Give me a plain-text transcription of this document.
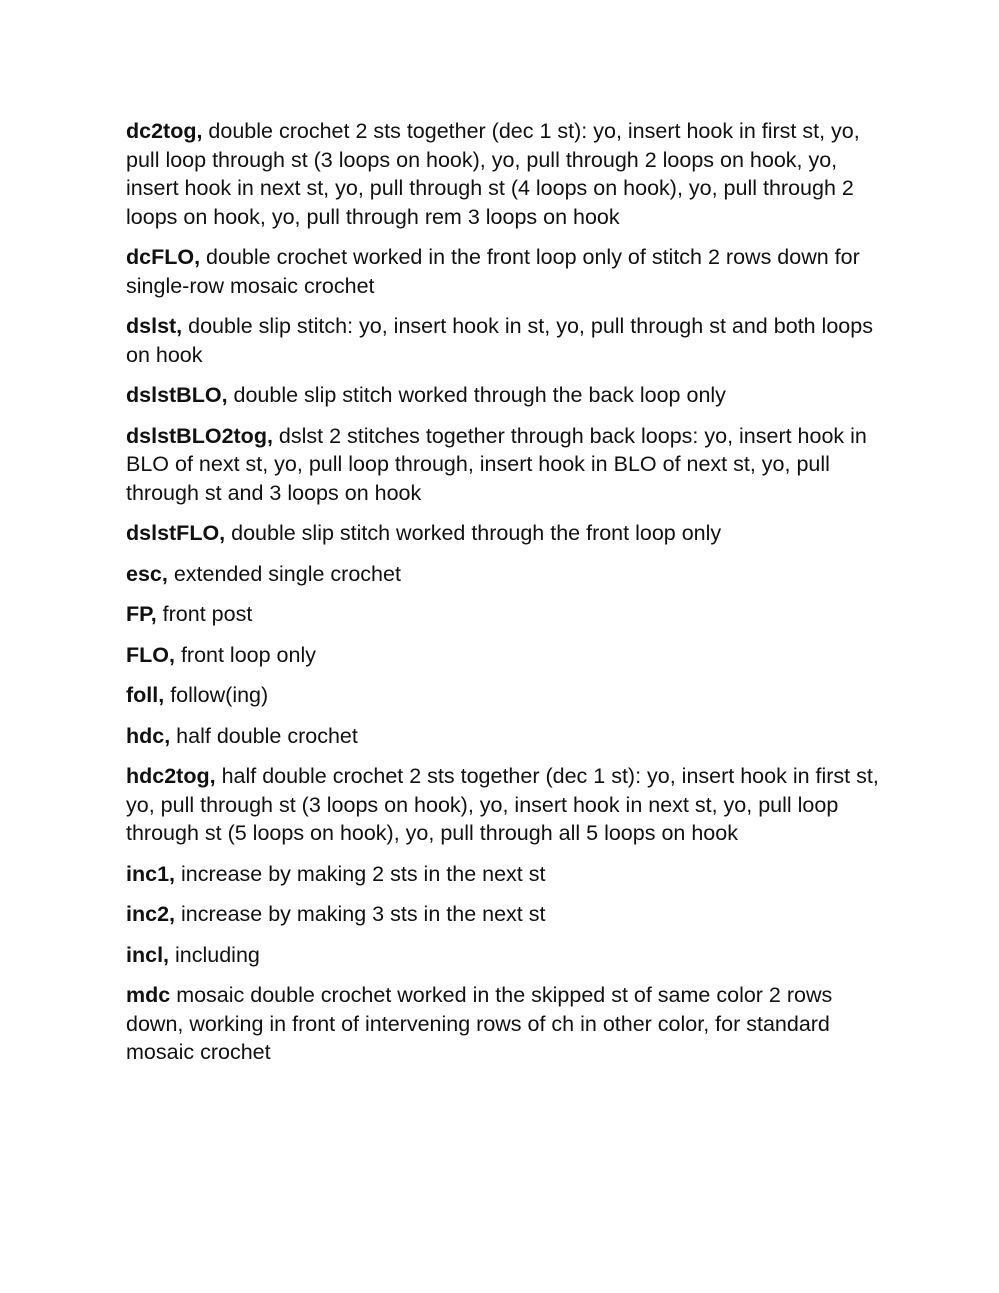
dc2tog, double crochet 2 sts together (dec 1 st): yo, insert hook in first st, yo, pull loop through st (3 loops on hook), yo, pull through 2 loops on hook, yo, insert hook in next st, yo, pull through st (4 loops on hook), yo, pull through 2 loops on hook, yo, pull through rem 3 loops on hook
dcFLO, double crochet worked in the front loop only of stitch 2 rows down for single-row mosaic crochet
dslst, double slip stitch: yo, insert hook in st, yo, pull through st and both loops on hook
dslstBLO, double slip stitch worked through the back loop only
dslstBLO2tog, dslst 2 stitches together through back loops: yo, insert hook in BLO of next st, yo, pull loop through, insert hook in BLO of next st, yo, pull through st and 3 loops on hook
dslstFLO, double slip stitch worked through the front loop only
esc, extended single crochet
FP, front post
FLO, front loop only
foll, follow(ing)
hdc, half double crochet
hdc2tog, half double crochet 2 sts together (dec 1 st): yo, insert hook in first st, yo, pull through st (3 loops on hook), yo, insert hook in next st, yo, pull loop through st (5 loops on hook), yo, pull through all 5 loops on hook
inc1, increase by making 2 sts in the next st
inc2, increase by making 3 sts in the next st
incl, including
mdc mosaic double crochet worked in the skipped st of same color 2 rows down, working in front of intervening rows of ch in other color, for standard mosaic crochet
